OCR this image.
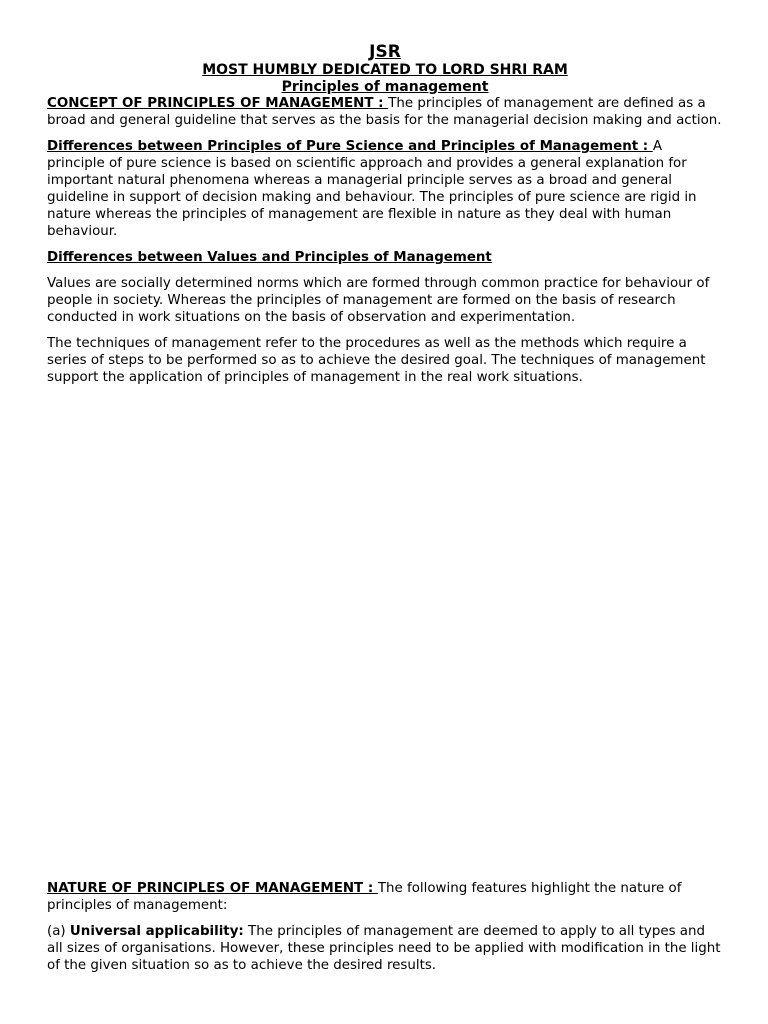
JSR
MOST HUMBLY DEDICATED TO LORD SHRI RAM
Principles of management

CONCEPT OF PRINCIPLES OF MANAGEMENT : The principles of management are defined as a broad and general guideline that serves as the basis for the managerial decision making and action.

Differences between Principles of Pure Science and Principles of Management : A principle of pure science is based on scientific approach and provides a general explanation for important natural phenomena whereas a managerial principle serves as a broad and general guideline in support of decision making and behaviour. The principles of pure science are rigid in nature whereas the principles of management are flexible in nature as they deal with human behaviour.

Differences between Values and Principles of Management

Values are socially determined norms which are formed through common practice for behaviour of people in society. Whereas the principles of management are formed on the basis of research conducted in work situations on the basis of observation and experimentation.

The techniques of management refer to the procedures as well as the methods which require a series of steps to be performed so as to achieve the desired goal. The techniques of management support the application of principles of management in the real work situations.

NATURE OF PRINCIPLES OF MANAGEMENT : The following features highlight the nature of principles of management:

(a) Universal applicability: The principles of management are deemed to apply to all types and all sizes of organisations. However, these principles need to be applied with modification in the light of the given situation so as to achieve the desired results.
